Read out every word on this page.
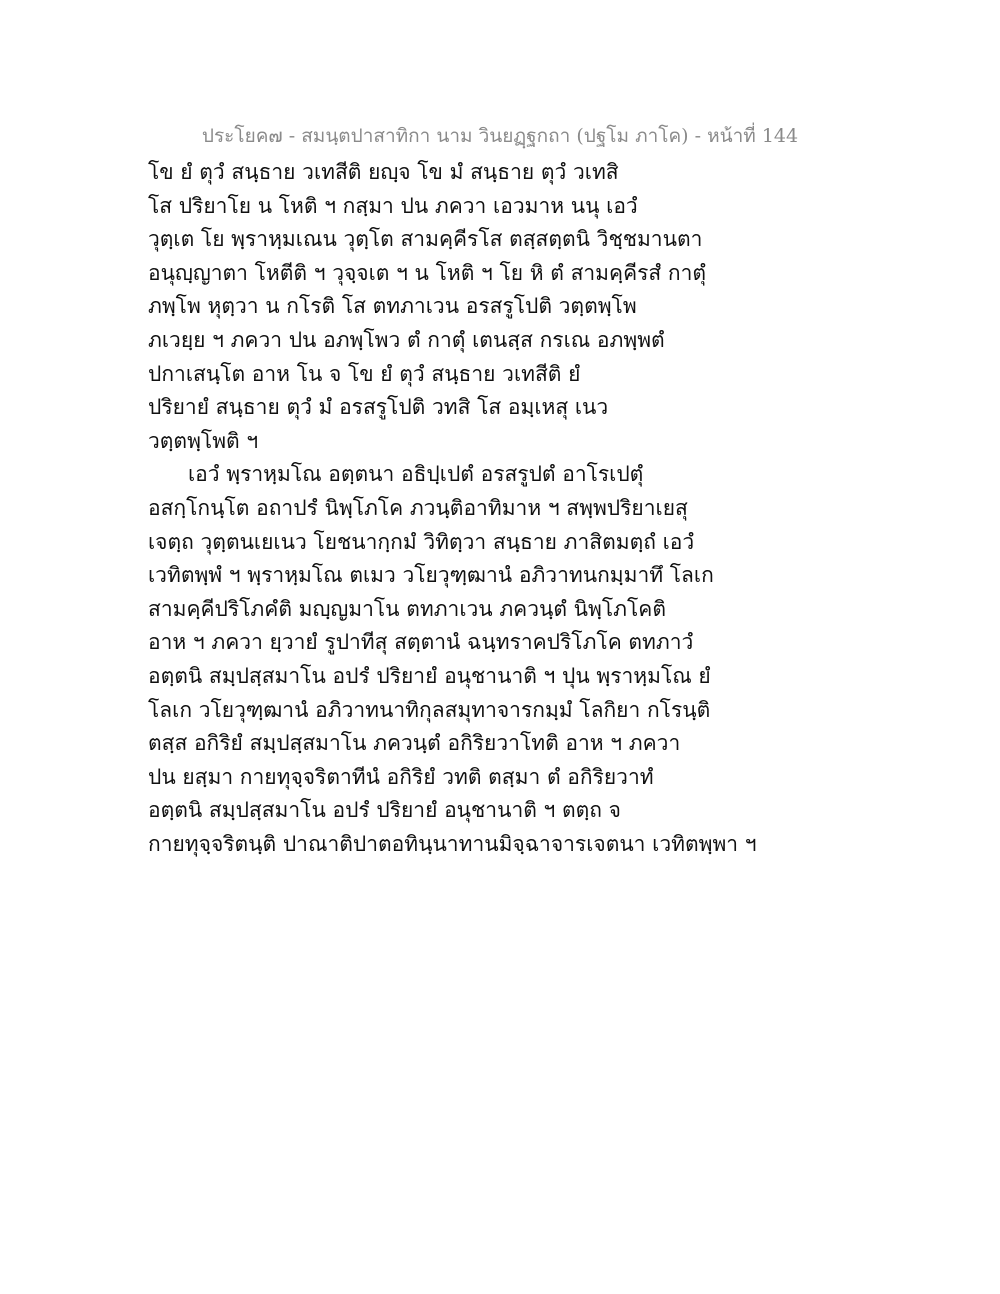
ประโยค๗ - สมนฺตปาสาทิกา นาม วินยฏฺฐกถา (ปฐโม ภาโค) - หน้าที่ 144
โข ยํ ตุวํ สนฺธาย วเทสีติ ยญฺจ โข มํ สนฺธาย ตุวํ วเทสิ
โส ปริยาโย น โหติ ฯ กสฺมา ปน ภควา เอวมาห นนุ เอวํ
วุตฺเต โย พฺราหฺมเณน วุตฺโต สามคฺคีรโส ตสฺสตฺตนิ วิชฺชมานตา
อนุญฺญาตา โหตีติ ฯ วุจฺจเต ฯ น โหติ ฯ โย หิ ตํ สามคฺคีรสํ กาตุํ
ภพฺโพ หุตฺวา น กโรติ โส ตทภาเวน อรสรูโปติ วตฺตพฺโพ
ภเวยฺย ฯ ภควา ปน อภพฺโพว ตํ กาตุํ เตนสฺส กรเณ อภพฺพตํ
ปกาเสนฺโต อาห โน จ โข ยํ ตุวํ สนฺธาย วเทสีติ ยํ
ปริยายํ สนฺธาย ตุวํ มํ อรสรูโปติ วทสิ โส อมฺเหสุ เนว
วตฺตพฺโพติ ฯ
เอวํ พฺราหฺมโณ อตฺตนา อธิปฺเปตํ อรสรูปตํ อาโรเปตุํ
อสกฺโกนฺโต อถาปรํ นิพฺโภโค ภวนฺติอาทิมาห ฯ สพฺพปริยาเยสุ
เจตฺถ วุตฺตนเยเนว โยชนากฺกมํ วิทิตฺวา สนฺธาย ภาสิตมตฺถํ เอวํ
เวทิตพฺพํ ฯ พฺราหฺมโณ ตเมว วโยวุฑฺฒานํ อภิวาทนกมฺมาทึ โลเก
สามคฺคีปริโภคํติ มญฺญมาโน ตทภาเวน ภควนฺตํ นิพฺโภโคติ
อาห ฯ ภควา ยฺวายํ รูปาทีสุ สตฺตานํ ฉนฺทราคปริโภโค ตทภาวํ
อตฺตนิ สมฺปสฺสมาโน อปรํ ปริยายํ อนุชานาติ ฯ ปุน พฺราหฺมโณ ยํ
โลเก วโยวุฑฺฒานํ อภิวาทนาทิกุลสมุทาจารกมฺมํ โลกิยา กโรนฺติ
ตสฺส อกิริยํ สมฺปสฺสมาโน ภควนฺตํ อกิริยวาโทติ อาห ฯ ภควา
ปน ยสฺมา กายทุจฺจริตาทีนํ อกิริยํ วทติ ตสฺมา ตํ อกิริยวาทํ
อตฺตนิ สมฺปสฺสมาโน อปรํ ปริยายํ อนุชานาติ ฯ ตตฺถ จ
กายทุจฺจริตนฺติ ปาณาติปาตอทินฺนาทานมิจฺฉาจารเจตนา เวทิตพฺพา ฯ
